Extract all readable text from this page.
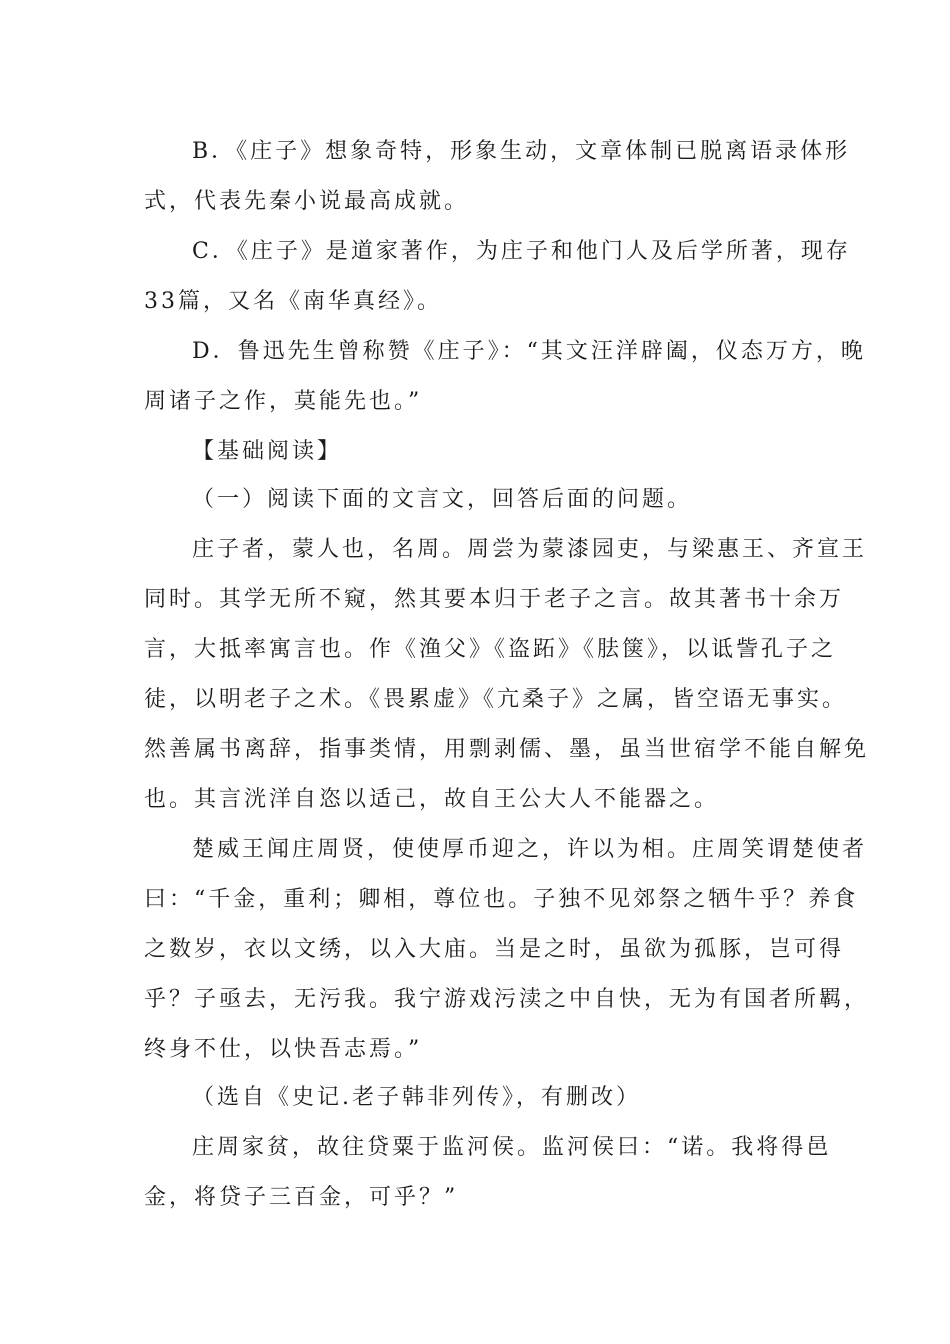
B．《庄子》想象奇特，形象生动，文章体制已脱离语录体形
式，代表先秦小说最高成就。
C．《庄子》是道家著作，为庄子和他门人及后学所著，现存
33篇，又名《南华真经》。
D．鲁迅先生曾称赞《庄子》：“其文汪洋辟阖，仪态万方，晚
周诸子之作，莫能先也。”
【基础阅读】
（一）阅读下面的文言文，回答后面的问题。
庄子者，蒙人也，名周。周尝为蒙漆园吏，与梁惠王、齐宣王
同时。其学无所不窥，然其要本归于老子之言。故其著书十余万
言，大抵率寓言也。作《渔父》《盗跖》《胠箧》，以诋訾孔子之
徒，以明老子之术。《畏累虚》《亢桑子》之属，皆空语无事实。
然善属书离辞，指事类情，用剽剥儒、墨，虽当世宿学不能自解免
也。其言洸洋自恣以适己，故自王公大人不能器之。
楚威王闻庄周贤，使使厚币迎之，许以为相。庄周笑谓楚使者
曰：“千金，重利；卿相，尊位也。子独不见郊祭之牺牛乎？养食
之数岁，衣以文绣，以入大庙。当是之时，虽欲为孤豚，岂可得
乎？子亟去，无污我。我宁游戏污渎之中自快，无为有国者所羁，
终身不仕，以快吾志焉。”
（选自《史记.老子韩非列传》，有删改）
庄周家贫，故往贷粟于监河侯。监河侯曰：“诺。我将得邑
金，将贷子三百金，可乎？”
